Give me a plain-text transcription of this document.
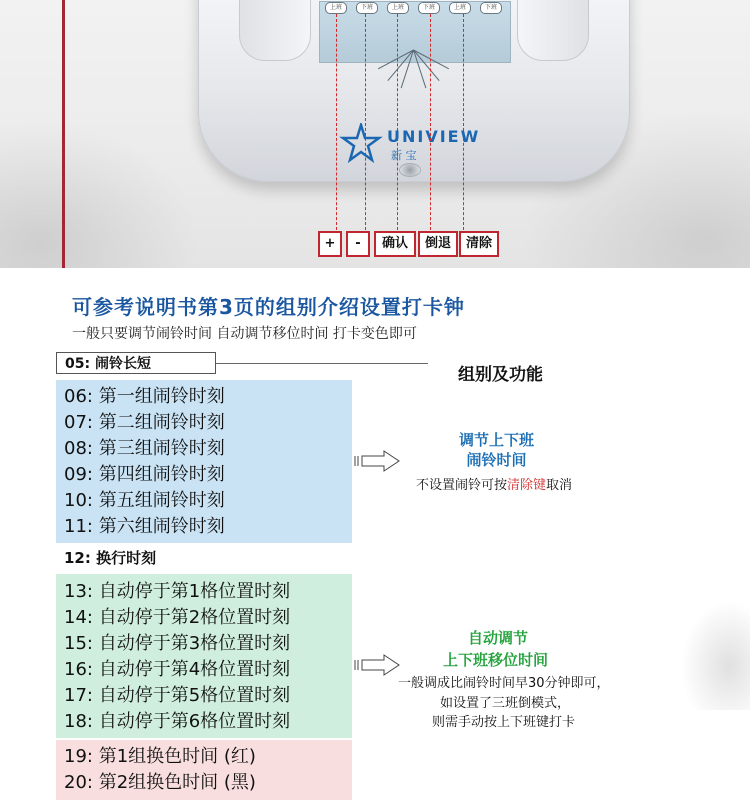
上班	下班	上班	下班	上班	下班
UNIVIEW
新 宝
+	-	确认	倒退	清除
可参考说明书第3页的组别介绍设置打卡钟
一般只要调节闹铃时间 自动调节移位时间 打卡变色即可
05: 闹铃长短
组别及功能
06: 第一组闹铃时刻
07: 第二组闹铃时刻
08: 第三组闹铃时刻
09: 第四组闹铃时刻
10: 第五组闹铃时刻
11: 第六组闹铃时刻
12: 换行时刻
13: 自动停于第1格位置时刻
14: 自动停于第2格位置时刻
15: 自动停于第3格位置时刻
16: 自动停于第4格位置时刻
17: 自动停于第5格位置时刻
18: 自动停于第6格位置时刻
19: 第1组换色时间 (红)
20: 第2组换色时间 (黑)
调节上下班
闹铃时间
不设置闹铃可按清除键取消
自动调节
上下班移位时间
一般调成比闹铃时间早30分钟即可，
如设置了三班倒模式，
则需手动按上下班键打卡
